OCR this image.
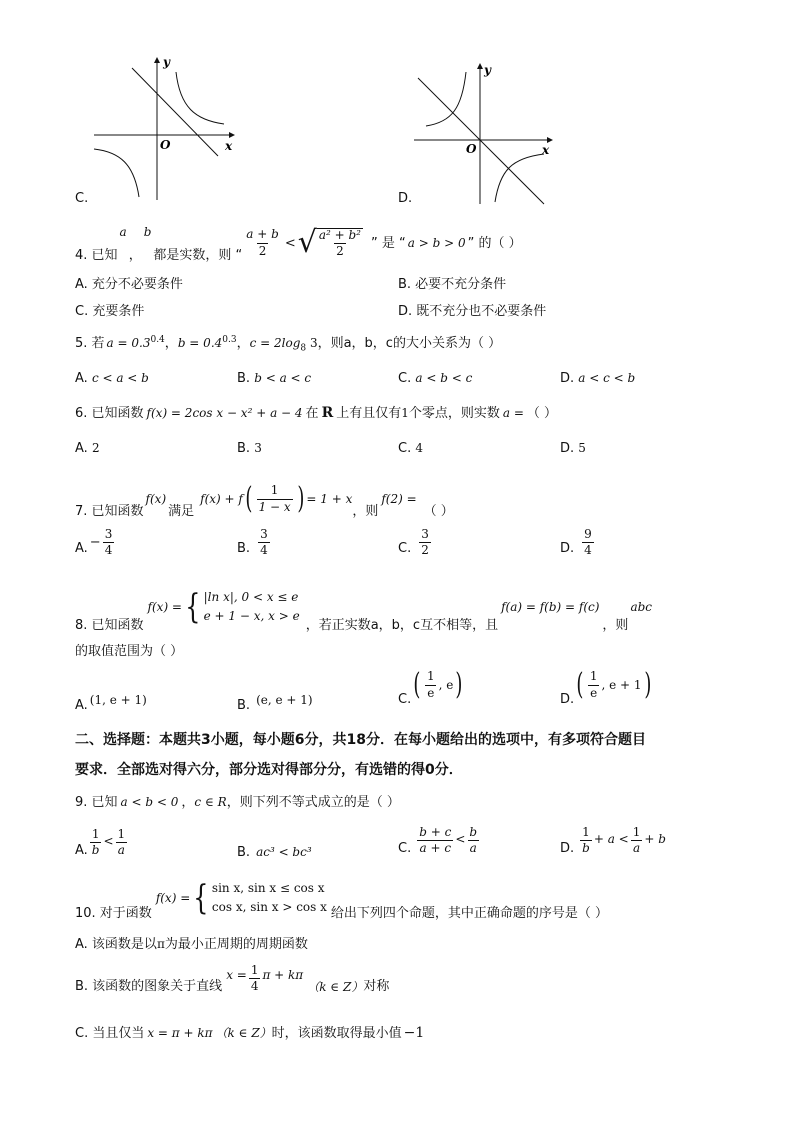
y
x
O
C.
y
x
O
D.
4. 已知
a
，
b
都是实数，则 “ $\frac{a + b}{2}$ < √ $\frac{\text{a² + b²}}{2}$ ” 是 “ a > b > 0 ” 的（ ）
A. 充分不必要条件	B. 必要不充分条件
C. 充要条件	D. 既不充分也不必要条件
5. 若 $a = 0.3^{0.4}$ ， $b = 0.4^{0.3}$ ， $c = 2\log_8$ 3 ，则a，b，c的大小关系为（ ）
A. c < a < b	B. b < a < c	C. a < b < c	D. a < c < b
6. 已知函数 f(x) = 2cos x − x² + a − 4 在 R 上有且仅有 1 个零点，则实数 a = （ ）
A. 2	B. 3	C. 4	D. 5
7. 已知函数
f(x)
满足
f(x) + f ( $\frac{1}{1 - x}$ ) = 1 + x
，则
f(2) =
（ ）
A. − $\frac{3}{4}$	B. $\frac{3}{4}$	C. $\frac{3}{2}$	D. $\frac{9}{4}$
8. 已知函数
f(x) = { |ln x|, 0 < x ≤ e
e + 1 − x, x > e
，若正实数a，b，c互不相等，且
f(a) = f(b) = f(c)
，则
abc
的取值范围为（ ）
A. (1, e + 1)	B. (e, e + 1)	C. ( $\frac{1}{e}$ , e )	D. ( $\frac{1}{e}$ , e + 1 )
二、选择题：本题共3小题，每小题6分，共18分．在每小题给出的选项中，有多项符合题目
要求．全部选对得六分，部分选对得部分分，有选错的得0分．
9. 已知 a < b < 0 ， c ∈ R ，则下列不等式成立的是（ ）
A. $\frac{1}{b} < \frac{1}{a}$	B. ac³ < bc³	C. $\frac{b + c}{a + c} < \frac{b}{a}$	D. $\frac{1}{b} + a < \frac{1}{a} + b$
10. 对于函数
f(x) = { sin x, sin x ≤ cos x
cos x, sin x > cos x 给出下列四个命题，其中正确命题的序号是（ ）
A. 该函数是以 π 为最小正周期的周期函数
B. 该函数的图象关于直线
$x = \frac{1}{4}$ π + kπ
（k ∈ Z） 对称
C. 当且仅当 x = π + kπ （k ∈ Z） 时，该函数取得最小值 −1
